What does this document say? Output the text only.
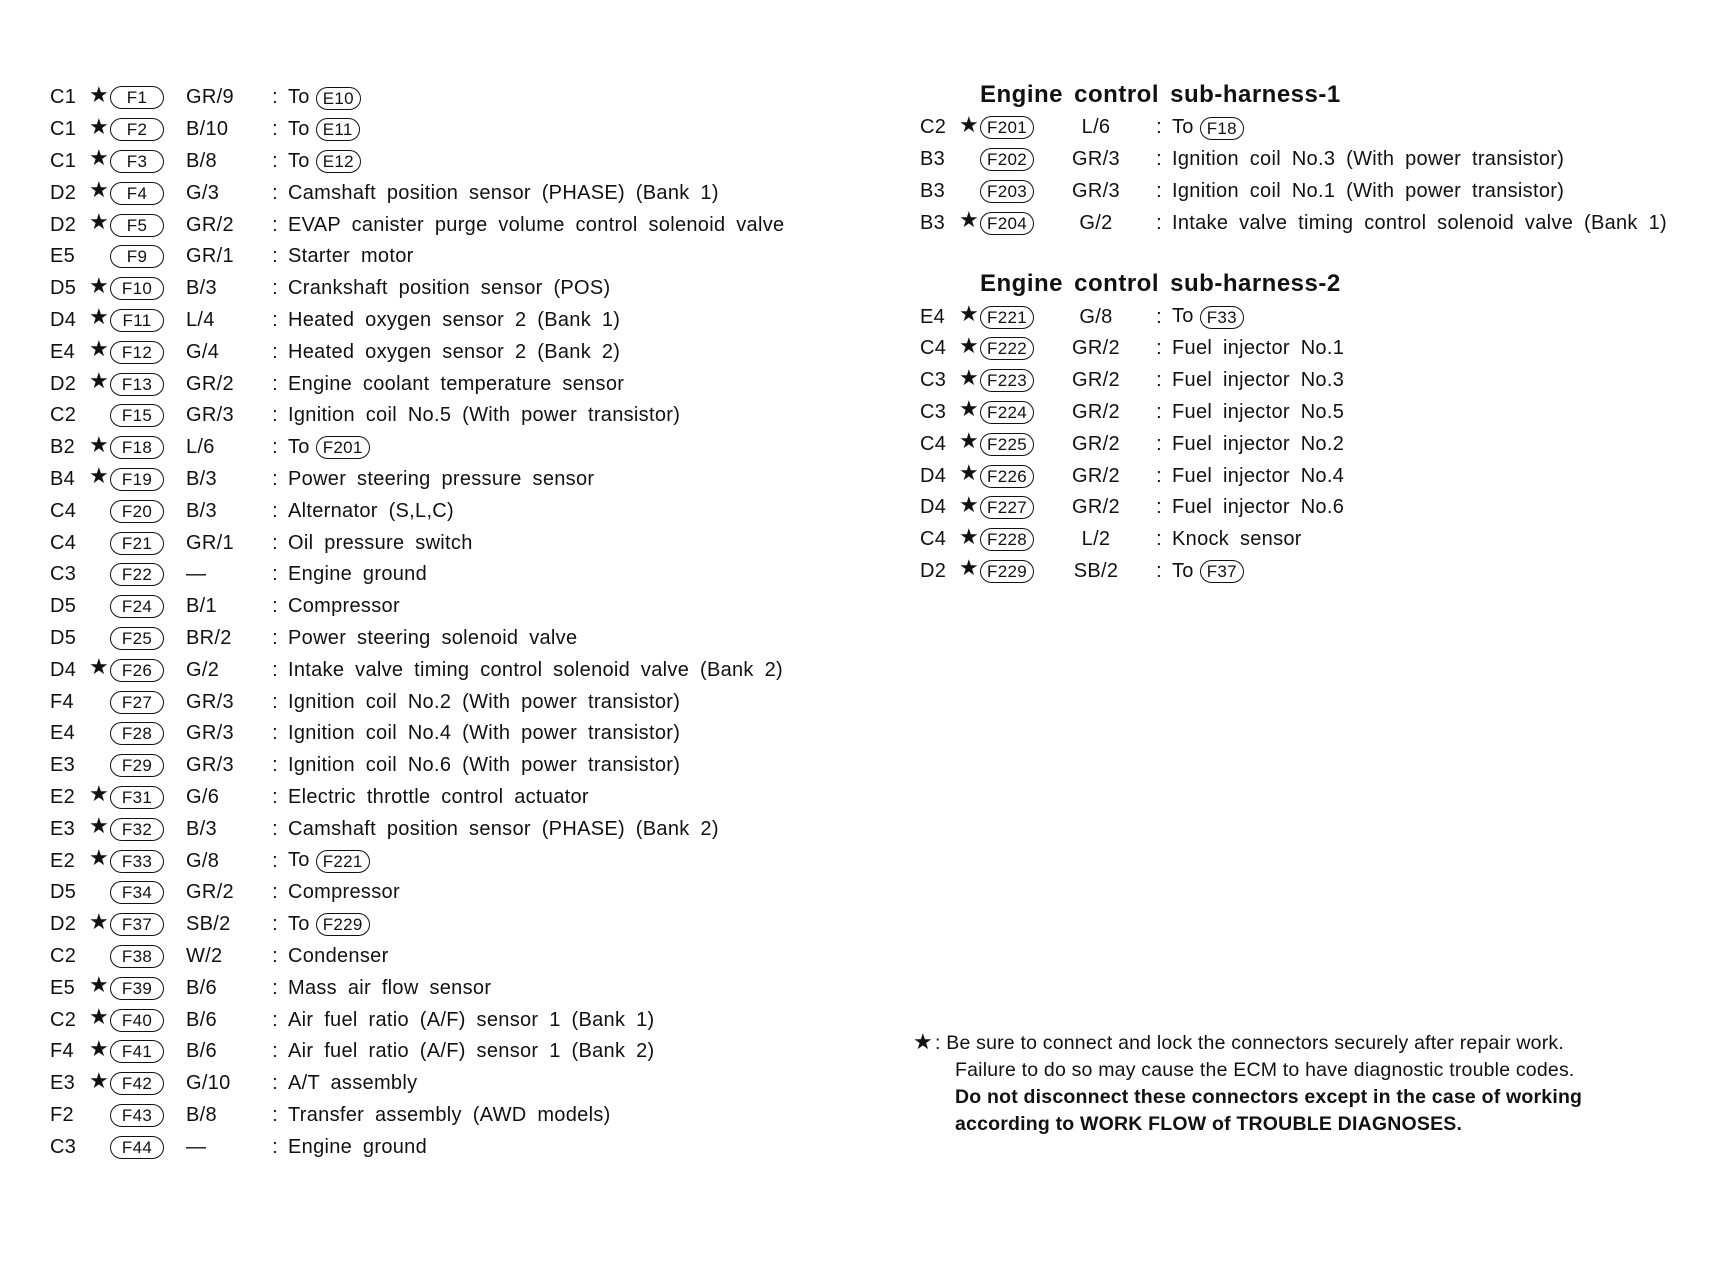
C1 ★	F1	GR/9	: To E10
C1 ★	F2	B/10	: To E11
C1 ★	F3	B/8	: To E12
D2 ★	F4	G/3	: Camshaft position sensor (PHASE) (Bank 1)
D2 ★	F5	GR/2	: EVAP canister purge volume control solenoid valve
E5	F9	GR/1	: Starter motor
D5 ★ F10	B/3	: Crankshaft position sensor (POS)
D4 ★ F11	L/4	: Heated oxygen sensor 2 (Bank 1)
E4 ★ F12	G/4	: Heated oxygen sensor 2 (Bank 2)
D2 ★ F13	GR/2	: Engine coolant temperature sensor
C2	F15	GR/3	: Ignition coil No.5 (With power transistor)
B2 ★ F18	L/6	: To F201
B4 ★ F19	B/3	: Power steering pressure sensor
C4	F20	B/3	: Alternator (S,L,C)
C4	F21	GR/1	: Oil pressure switch
C3	F22	—	: Engine ground
D5	F24	B/1	: Compressor
D5	F25	BR/2	: Power steering solenoid valve
D4 ★ F26	G/2	: Intake valve timing control solenoid valve (Bank 2)
F4	F27	GR/3	: Ignition coil No.2 (With power transistor)
E4	F28	GR/3	: Ignition coil No.4 (With power transistor)
E3	F29	GR/3	: Ignition coil No.6 (With power transistor)
E2 ★ F31	G/6	: Electric throttle control actuator
E3 ★ F32	B/3	: Camshaft position sensor (PHASE) (Bank 2)
E2 ★ F33	G/8	: To F221
D5	F34	GR/2	: Compressor
D2 ★ F37	SB/2	: To F229
C2	F38	W/2	: Condenser
E5 ★ F39	B/6	: Mass air flow sensor
C2 ★ F40	B/6	: Air fuel ratio (A/F) sensor 1 (Bank 1)
F4 ★ F41	B/6	: Air fuel ratio (A/F) sensor 1 (Bank 2)
E3 ★ F42	G/10	: A/T assembly
F2	F43	B/8	: Transfer assembly (AWD models)
C3	F44	—	: Engine ground
Engine control sub-harness-1
C2 ★ F201	L/6	: To F18
B3	F202	GR/3	: Ignition coil No.3 (With power transistor)
B3	F203	GR/3	: Ignition coil No.1 (With power transistor)
B3 ★ F204	G/2	: Intake valve timing control solenoid valve (Bank 1)
Engine control sub-harness-2
E4 ★ F221	G/8	: To F33
C4 ★ F222	GR/2	: Fuel injector No.1
C3 ★ F223	GR/2	: Fuel injector No.3
C3 ★ F224	GR/2	: Fuel injector No.5
C4 ★ F225	GR/2	: Fuel injector No.2
D4 ★ F226	GR/2	: Fuel injector No.4
D4 ★ F227	GR/2	: Fuel injector No.6
C4 ★ F228	L/2	: Knock sensor
D2 ★ F229	SB/2	: To F37
★ : Be sure to connect and lock the connectors securely after repair work.
Failure to do so may cause the ECM to have diagnostic trouble codes.
Do not disconnect these connectors except in the case of working
according to WORK FLOW of TROUBLE DIAGNOSES.
